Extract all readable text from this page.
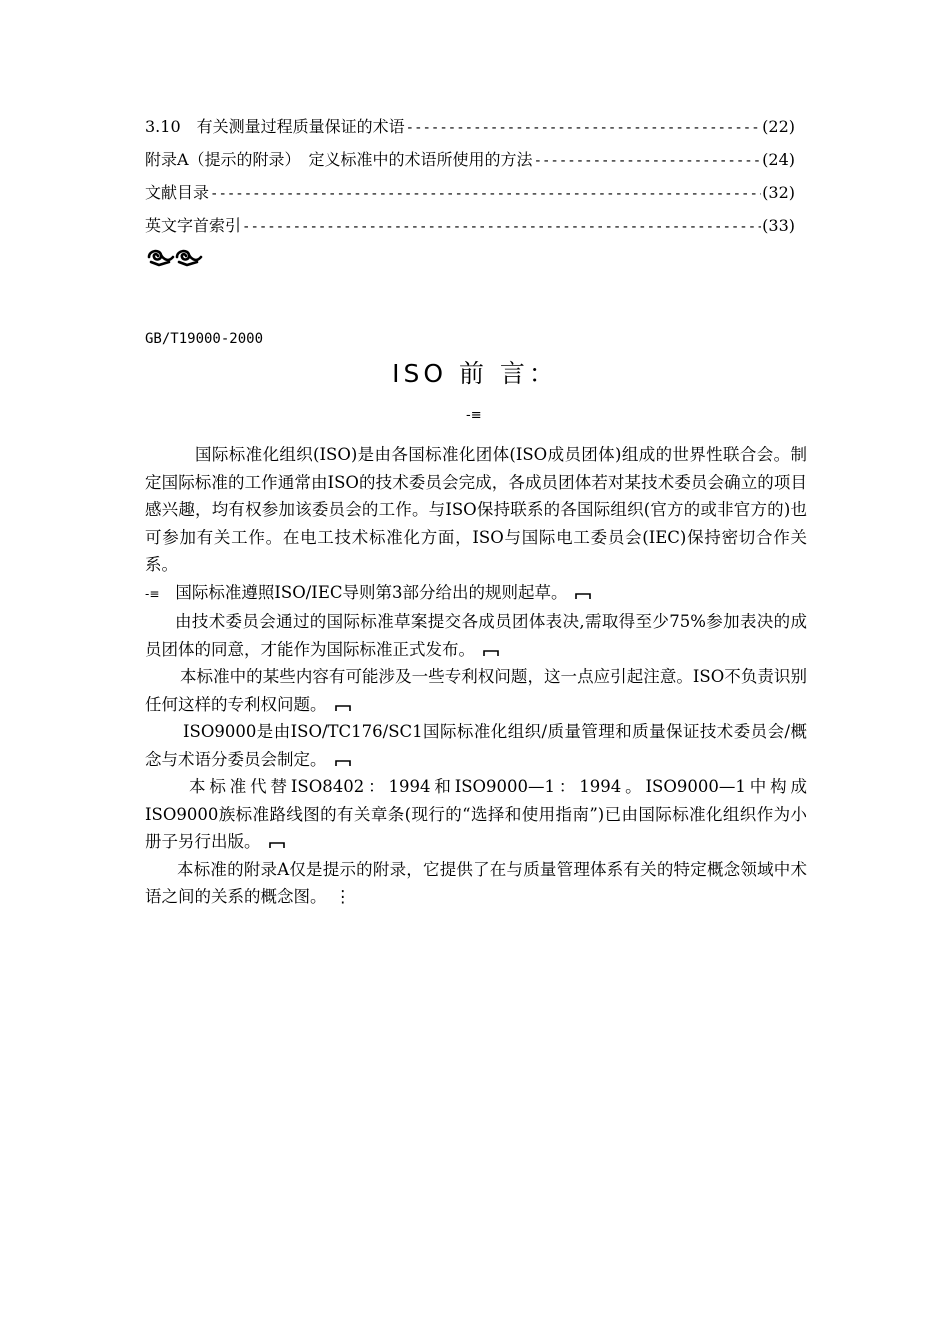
3.10　有关测量过程质量保证的术语 -----	(22)
附录A（提示的附录）　定义标准中的术语所使用的方法 -----	(24)
文献目录 -----	(32)
英文字首索引 -----	(33)
GB/T19000-2000
ISO 前 言：
-≡

国际标准化组织(ISO)是由各国标准化团体(ISO成员团体)组成的世界性联合会。制定国际标准的工作通常由ISO的技术委员会完成，各成员团体若对某技术委员会确立的项目感兴趣，均有权参加该委员会的工作。与ISO保持联系的各国际组织(官方的或非官方的)也可参加有关工作。在电工技术标准化方面，ISO与国际电工委员会(IEC)保持密切合作关系。

-≡ 国际标准遵照ISO/IEC导则第3部分给出的规则起草。

由技术委员会通过的国际标准草案提交各成员团体表决,需取得至少75%参加表决的成员团体的同意，才能作为国际标准正式发布。

本标准中的某些内容有可能涉及一些专利权问题，这一点应引起注意。ISO不负责识别任何这样的专利权问题。

ISO9000是由ISO/TC176/SC1国际标准化组织/质量管理和质量保证技术委员会/概念与术语分委员会制定。

本标准代替ISO8402：1994和ISO9000—1：1994。ISO9000—1中构成ISO9000族标准路线图的有关章条(现行的“选择和使用指南”)已由国际标准化组织作为小册子另行出版。

本标准的附录A仅是提示的附录，它提供了在与质量管理体系有关的特定概念领域中术语之间的关系的概念图。 ⋮
